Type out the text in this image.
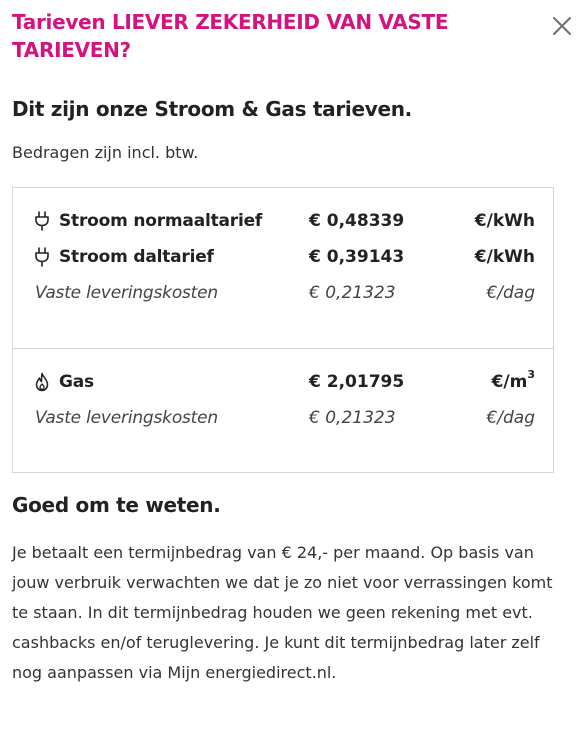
Tarieven LIEVER ZEKERHEID VAN VASTE TARIEVEN?
Dit zijn onze Stroom & Gas tarieven.

Bedragen zijn incl. btw.

Stroom normaaltarief	€ 0,48339	€/kWh
Stroom daltarief	€ 0,39143	€/kWh
Vaste leveringskosten	€ 0,21323	€/dag
Gas	€ 2,01795	$€/m^3$
Vaste leveringskosten	€ 0,21323	€/dag
Goed om te weten.

Je betaalt een termijnbedrag van € 24,- per maand. Op basis van jouw verbruik verwachten we dat je zo niet voor verrassingen komt te staan. In dit termijnbedrag houden we geen rekening met evt. cashbacks en/of teruglevering. Je kunt dit termijnbedrag later zelf nog aanpassen via Mijn energiedirect.nl.
